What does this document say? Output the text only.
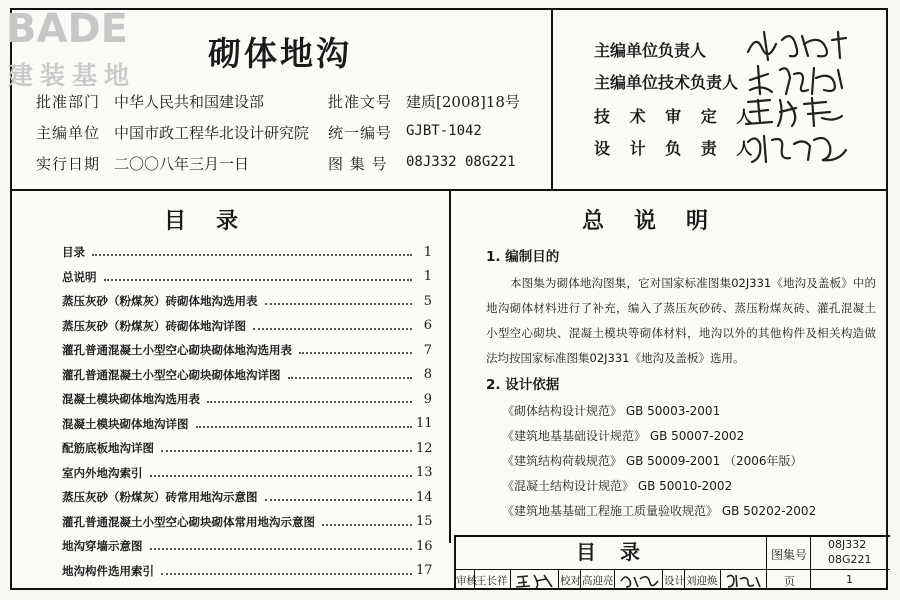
BADE
建装基地
砌体地沟
批准部门 中华人民共和国建设部	批准文号 建质[2008]18号
主编单位 中国市政工程华北设计研究院 统一编号 GJBT-1042
实行日期 二〇〇八年三月一日	图 集 号 08J332 08G221
主编单位负责人
主编单位技术负责人
技 术 审 定 人
设 计 负 责 人
目录	总说明
目录	1
总说明	1
蒸压灰砂（粉煤灰）砖砌体地沟选用表	5
蒸压灰砂（粉煤灰）砖砌体地沟详图	6
灌孔普通混凝土小型空心砌块砌体地沟选用表	7
灌孔普通混凝土小型空心砌块砌体地沟详图	8
混凝土模块砌体地沟选用表	9
混凝土模块砌体地沟详图	11
配筋底板地沟详图	12
室内外地沟索引	13
蒸压灰砂（粉煤灰）砖常用地沟示意图	14
灌孔普通混凝土小型空心砌块砌体常用地沟示意图	15
地沟穿墙示意图	16
地沟构件选用索引	17
1. 编制目的

本图集为砌体地沟图集，它对国家标准图集02J331《地沟及盖板》中的地沟砌体材料进行了补充，编入了蒸压灰砂砖、蒸压粉煤灰砖、灌孔混凝土小型空心砌块、混凝土模块等砌体材料，地沟以外的其他构件及相关构造做法均按国家标准图集02J331《地沟及盖板》选用。

2. 设计依据
《砌体结构设计规范》 GB 50003-2001
《建筑地基基础设计规范》 GB 50007-2002
《建筑结构荷载规范》 GB 50009-2001 （2006年版）
《混凝土结构设计规范》 GB 50010-2002
《建筑地基基础工程施工质量验收规范》 GB 50202-2002
目录	图集号
08J332
08G221
审核 王长祥	校对 高迎亮	设计 刘迎焕	页	1
